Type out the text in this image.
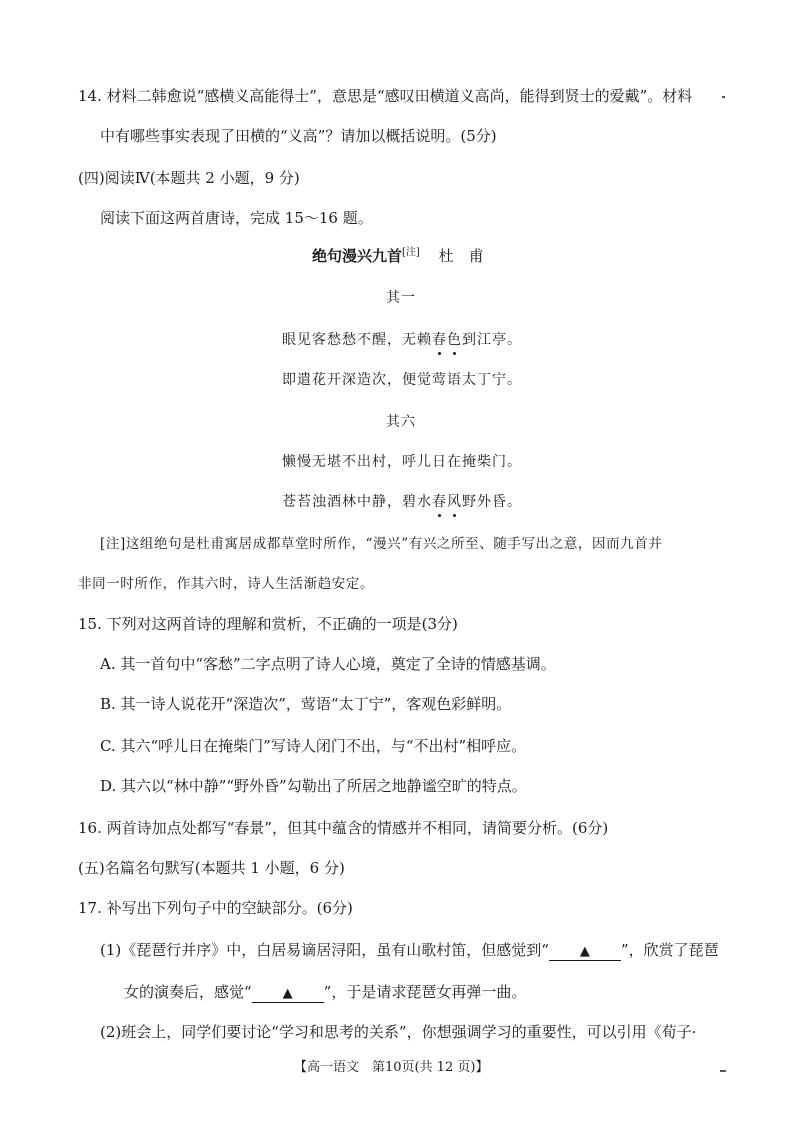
14. 材料二韩愈说“感横义高能得士”，意思是“感叹田横道义高尚，能得到贤士的爱戴”。材料
中有哪些事实表现了田横的“义高”？请加以概括说明。(5分)
(四)阅读Ⅳ(本题共 2 小题，9 分)
阅读下面这两首唐诗，完成 15～16 题。
绝句漫兴九首[注] 杜　甫
其一
眼见客愁愁不醒，无赖春色到江亭。
即遣花开深造次，便觉莺语太丁宁。
其六
懒慢无堪不出村，呼儿日在掩柴门。
苍苔浊酒林中静，碧水春风野外昏。
[注]这组绝句是杜甫寓居成都草堂时所作，“漫兴”有兴之所至、随手写出之意，因而九首并
非同一时所作，作其六时，诗人生活渐趋安定。
15. 下列对这两首诗的理解和赏析，不正确的一项是(3分)
A. 其一首句中“客愁”二字点明了诗人心境，奠定了全诗的情感基调。
B. 其一诗人说花开“深造次”，莺语“太丁宁”，客观色彩鲜明。
C. 其六“呼儿日在掩柴门”写诗人闭门不出，与“不出村”相呼应。
D. 其六以“林中静”“野外昏”勾勒出了所居之地静谧空旷的特点。
16. 两首诗加点处都写“春景”，但其中蕴含的情感并不相同，请简要分析。(6分)
(五)名篇名句默写(本题共 1 小题，6 分)
17. 补写出下列句子中的空缺部分。(6分)
(1)《琵琶行并序》中，白居易谪居浔阳，虽有山歌村笛，但感觉到“ ▲ ”，欣赏了琵琶
女的演奏后，感觉“ ▲ ”，于是请求琵琶女再弹一曲。
(2)班会上，同学们要讨论“学习和思考的关系”，你想强调学习的重要性，可以引用《荀子·
【高一语文　第10页(共 12 页)】
